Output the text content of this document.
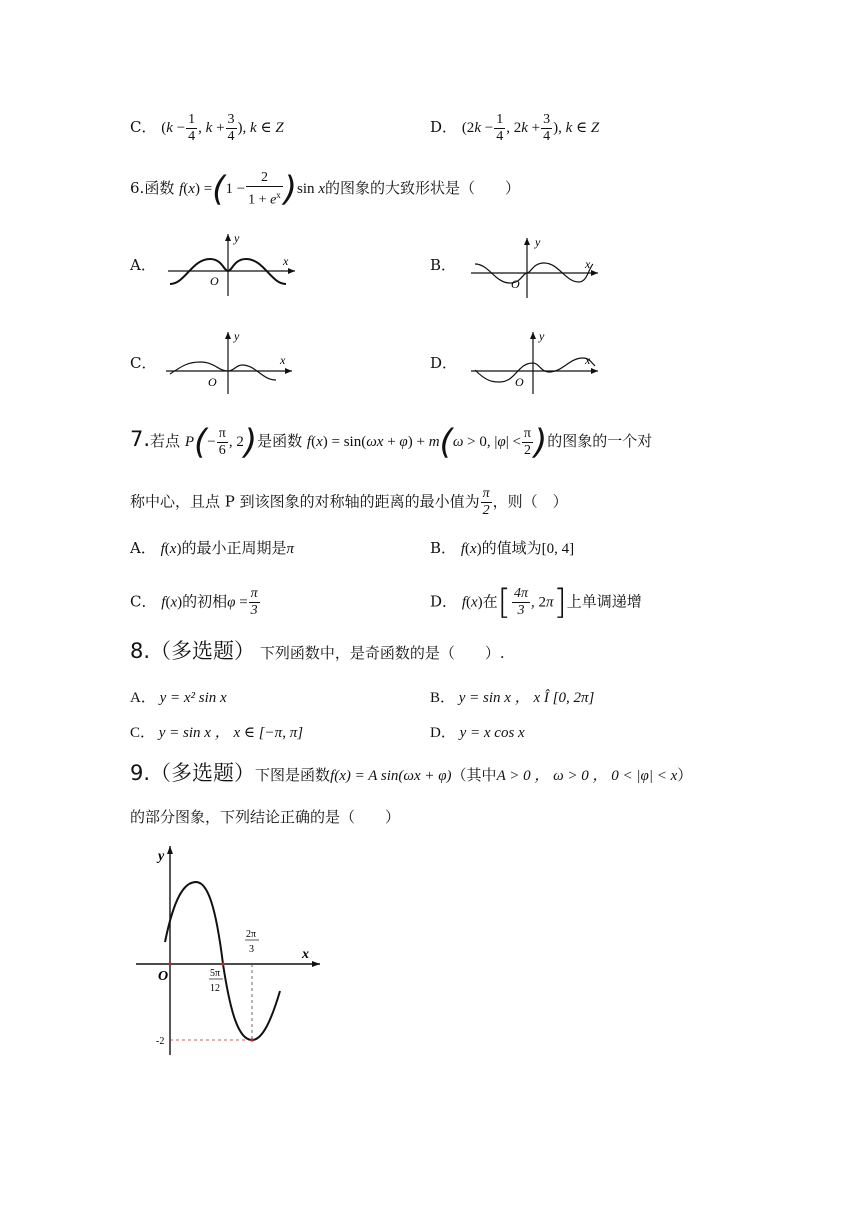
C． ($k - \frac{1}{4}$ , $k + \frac{3}{4}$ ), k ∈ Z	D． ($2k - \frac{1}{4}$ , $2k + \frac{3}{4}$ ), k ∈ Z
6.函数 $f(x) =(1 - \frac{2}{1 + e^x} )\sin$ x的图象的大致形状是（　　）
A．
y
x
O
B．
y
x
O
C．
y
x
O
D．
y
x
O
7.若点 $P(- \frac{\pi}{6}$ , 2)是函数 f(x) = sin(ωx + φ) + m(ω > 0, $|\varphi| < \frac{\pi}{2}$ )的图象的一个对
称中心，且点 P 到该图象的对称轴的距离的最小值为 $\frac{\pi}{2}$ ，则（　）
A． f(x)的最小正周期是π	B． f(x)的值域为[0, 4]
C． f(x)的初相$\varphi = \frac{\pi}{3}$	D． f(x)在[ $\frac{4\pi}{3}$ , 2π]上单调递增
8.（多选题） 下列函数中，是奇函数的是（　　）.
A． y = x² sin x	B． y = sin x ， x Î [0, 2π]
C． y = sin x ， x ∈ [−π, π]	D． y = x cos x
9.（多选题）下图是函数f(x) = A sin(ωx + φ)（其中A > 0 ， ω > 0 ， 0 < |φ| < x）
的部分图象，下列结论正确的是（　　）
y
x
O	5π
12
2π
3
-2
